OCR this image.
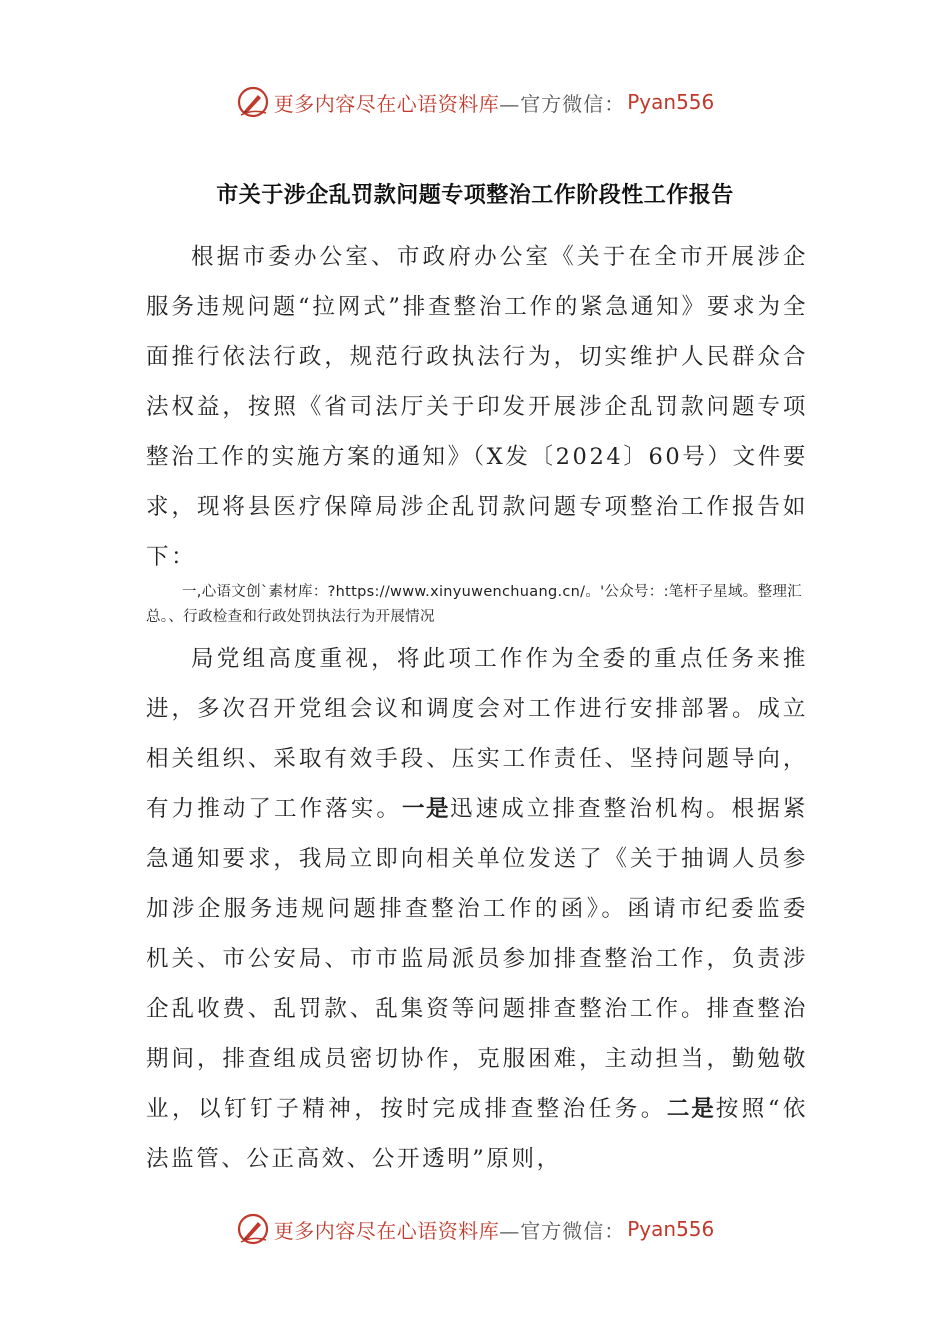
更多内容尽在心语资料库 —官方微信： Pyan556
市关于涉企乱罚款问题专项整治工作阶段性工作报告

根据市委办公室、市政府办公室《关于在全市开展涉企服务违规问题“拉网式”排查整治工作的紧急通知》要求为全面推行依法行政，规范行政执法行为，切实维护人民群众合法权益，按照《省司法厅关于印发开展涉企乱罚款问题专项整治工作的实施方案的通知》（X发〔2024〕60号）文件要求，现将县医疗保障局涉企乱罚款问题专项整治工作报告如下：

一,心语文创`素材库：?https://www.xinyuwenchuang.cn/。'公众号：:笔杆子星域。整理汇总。、行政检查和行政处罚执法行为开展情况

局党组高度重视，将此项工作作为全委的重点任务来推进，多次召开党组会议和调度会对工作进行安排部署。成立相关组织、采取有效手段、压实工作责任、坚持问题导向，有力推动了工作落实。一是迅速成立排查整治机构。根据紧急通知要求，我局立即向相关单位发送了《关于抽调人员参加涉企服务违规问题排查整治工作的函》。函请市纪委监委机关、市公安局、市市监局派员参加排查整治工作，负责涉企乱收费、乱罚款、乱集资等问题排查整治工作。排查整治期间，排查组成员密切协作，克服困难，主动担当，勤勉敬业，以钉钉子精神，按时完成排查整治任务。二是按照“依法监管、公正高效、公开透明”原则，

更多内容尽在心语资料库 —官方微信： Pyan556
